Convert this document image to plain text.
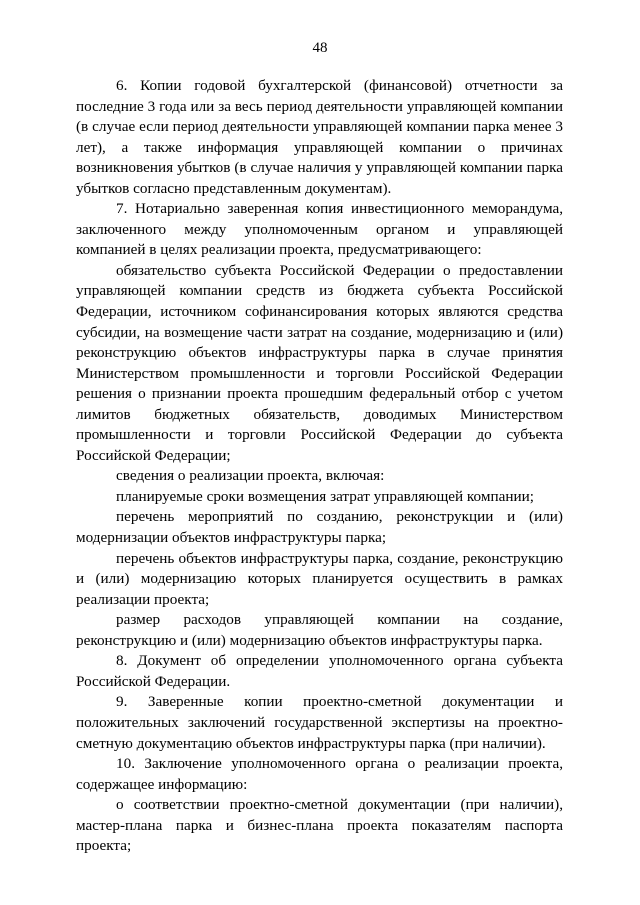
48

6. Копии годовой бухгалтерской (финансовой) отчетности за последние 3 года или за весь период деятельности управляющей компании (в случае если период деятельности управляющей компании парка менее 3 лет), а также информация управляющей компании о причинах возникновения убытков (в случае наличия у управляющей компании парка убытков согласно представленным документам).

7. Нотариально заверенная копия инвестиционного меморандума, заключенного между уполномоченным органом и управляющей компанией в целях реализации проекта, предусматривающего:

обязательство субъекта Российской Федерации о предоставлении управляющей компании средств из бюджета субъекта Российской Федерации, источником софинансирования которых являются средства субсидии, на возмещение части затрат на создание, модернизацию и (или) реконструкцию объектов инфраструктуры парка в случае принятия Министерством промышленности и торговли Российской Федерации решения о признании проекта прошедшим федеральный отбор с учетом лимитов бюджетных обязательств, доводимых Министерством промышленности и торговли Российской Федерации до субъекта Российской Федерации;

сведения о реализации проекта, включая:

планируемые сроки возмещения затрат управляющей компании;

перечень мероприятий по созданию, реконструкции и (или) модернизации объектов инфраструктуры парка;

перечень объектов инфраструктуры парка, создание, реконструкцию и (или) модернизацию которых планируется осуществить в рамках реализации проекта;

размер расходов управляющей компании на создание, реконструкцию и (или) модернизацию объектов инфраструктуры парка.

8. Документ об определении уполномоченного органа субъекта Российской Федерации.

9. Заверенные копии проектно-сметной документации и положительных заключений государственной экспертизы на проектно-сметную документацию объектов инфраструктуры парка (при наличии).

10. Заключение уполномоченного органа о реализации проекта, содержащее информацию:

о соответствии проектно-сметной документации (при наличии), мастер-плана парка и бизнес-плана проекта показателям паспорта проекта;
